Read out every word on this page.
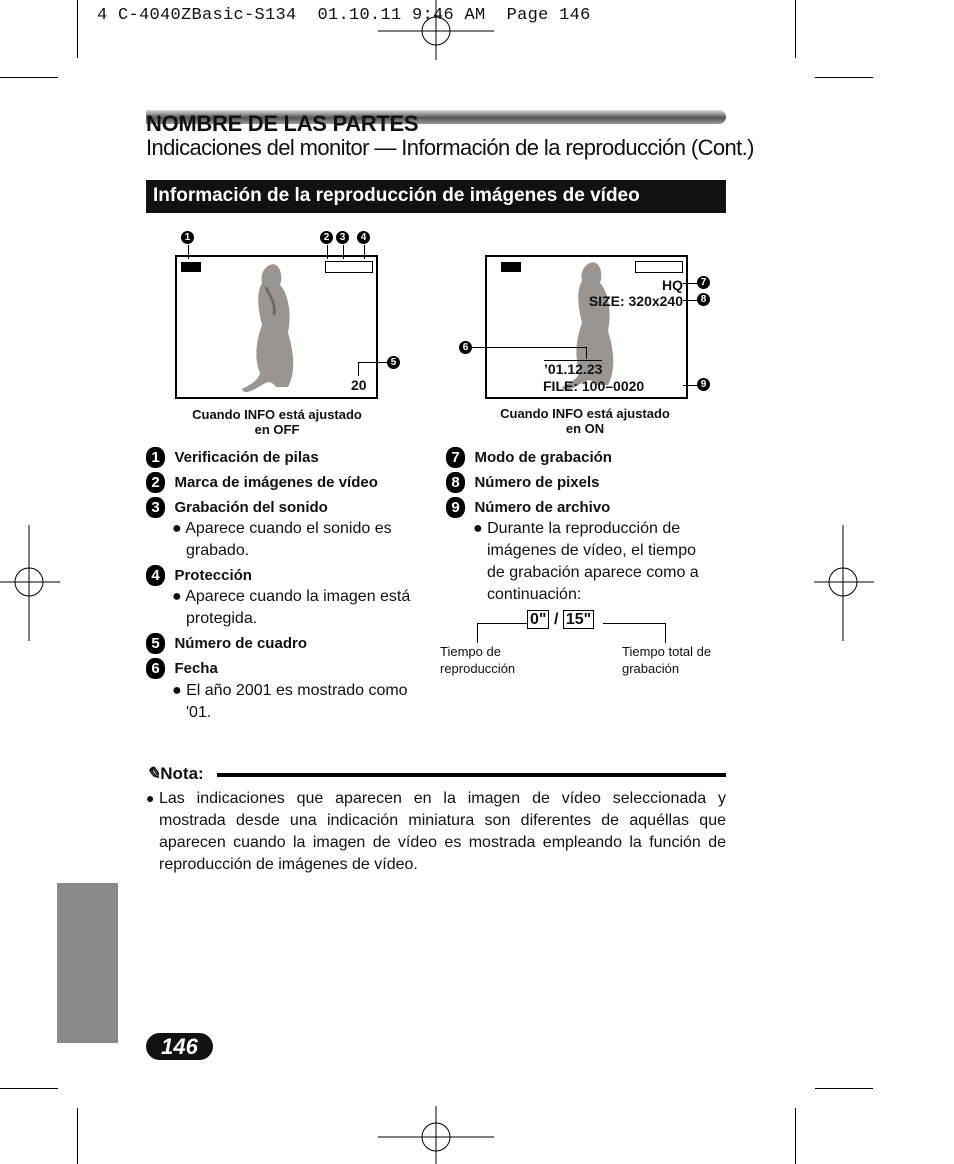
4 C-4040ZBasic-S134  01.10.11 9:46 AM  Page 146
NOMBRE DE LAS PARTES
Indicaciones del monitor — Información de la reproducción (Cont.)
Información de la reproducción de imágenes de vídeo
20
1	2	3	4
5
Cuando INFO está ajustado
en OFF
HQ
SIZE: 320x240
’01.12.23
FILE: 100–0020
6
7
8
9
Cuando INFO está ajustado
en ON
1 Verificación de pilas
2 Marca de imágenes de vídeo
3 Grabación del sonido
● Aparece cuando el sonido es
grabado.
4 Protección
● Aparece cuando la imagen está
protegida.
5 Número de cuadro
6 Fecha
● El año 2001 es mostrado como
'01.
7 Modo de grabación
8 Número de pixels
9 Número de archivo
● Durante la reproducción de
imágenes de vídeo, el tiempo
de grabación aparece como a
continuación:
0" / 15"
Tiempo de
reproducción
Tiempo total de
grabación
✎Nota:
● Las indicaciones que aparecen en la imagen de vídeo seleccionada y
mostrada desde una indicación miniatura son diferentes de aquéllas que
aparecen cuando la imagen de vídeo es mostrada empleando la función de
reproducción de imágenes de vídeo.
146
